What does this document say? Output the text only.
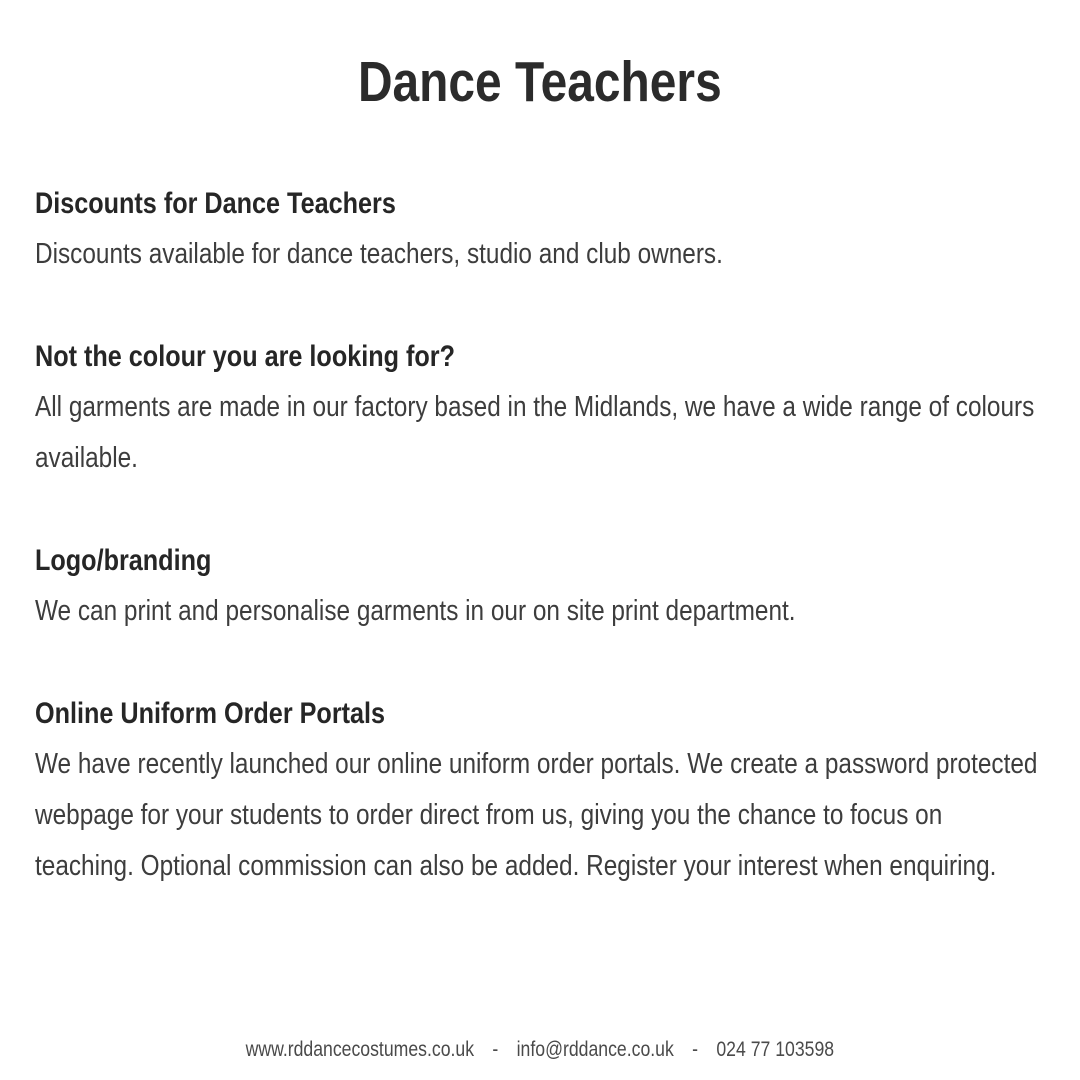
Dance Teachers
Discounts for Dance Teachers

Discounts available for dance teachers, studio and club owners.

Not the colour you are looking for?

All garments are made in our factory based in the Midlands, we have a wide range of colours available.

Logo/branding

We can print and personalise garments in our on site print department.

Online Uniform Order Portals

We have recently launched our online uniform order portals. We create a password protected webpage for your students to order direct from us, giving you the chance to focus on teaching. Optional commission can also be added. Register your interest when enquiring.

www.rddancecostumes.co.uk - info@rddance.co.uk - 024 77 103598
